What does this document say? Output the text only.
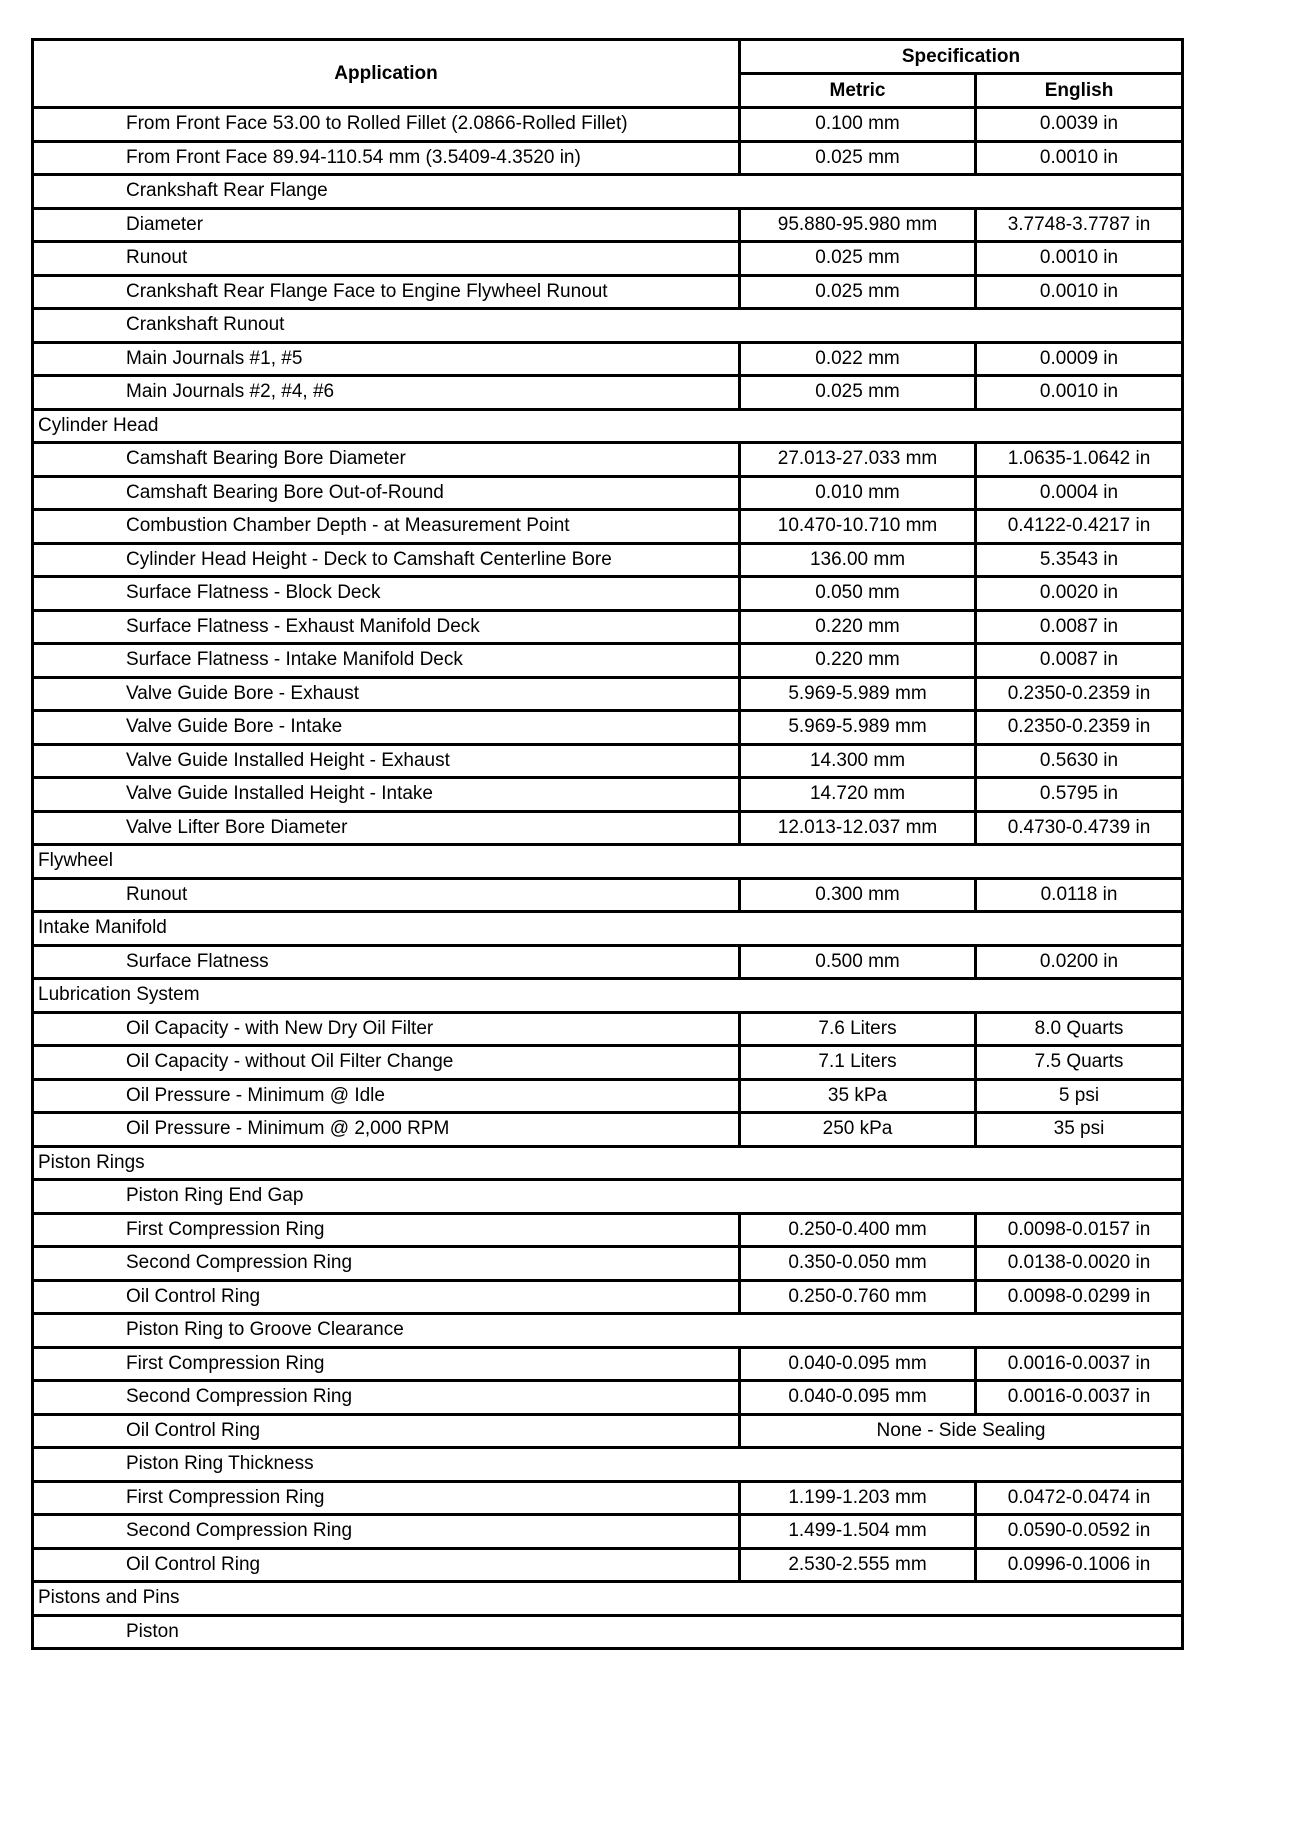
Application	Specification	
	Metric	English
From Front Face 53.00 to Rolled Fillet (2.0866-Rolled Fillet)	0.100 mm	0.0039 in
From Front Face 89.94-110.54 mm (3.5409-4.3520 in)	0.025 mm	0.0010 in
Crankshaft Rear Flange		
Diameter	95.880-95.980 mm	3.7748-3.7787 in
Runout	0.025 mm	0.0010 in
Crankshaft Rear Flange Face to Engine Flywheel Runout	0.025 mm	0.0010 in
Crankshaft Runout		
Main Journals #1, #5	0.022 mm	0.0009 in
Main Journals #2, #4, #6	0.025 mm	0.0010 in
Cylinder Head		
Camshaft Bearing Bore Diameter	27.013-27.033 mm	1.0635-1.0642 in
Camshaft Bearing Bore Out-of-Round	0.010 mm	0.0004 in
Combustion Chamber Depth - at Measurement Point	10.470-10.710 mm	0.4122-0.4217 in
Cylinder Head Height - Deck to Camshaft Centerline Bore	136.00 mm	5.3543 in
Surface Flatness - Block Deck	0.050 mm	0.0020 in
Surface Flatness - Exhaust Manifold Deck	0.220 mm	0.0087 in
Surface Flatness - Intake Manifold Deck	0.220 mm	0.0087 in
Valve Guide Bore - Exhaust	5.969-5.989 mm	0.2350-0.2359 in
Valve Guide Bore - Intake	5.969-5.989 mm	0.2350-0.2359 in
Valve Guide Installed Height - Exhaust	14.300 mm	0.5630 in
Valve Guide Installed Height - Intake	14.720 mm	0.5795 in
Valve Lifter Bore Diameter	12.013-12.037 mm	0.4730-0.4739 in
Flywheel		
Runout	0.300 mm	0.0118 in
Intake Manifold		
Surface Flatness	0.500 mm	0.0200 in
Lubrication System		
Oil Capacity - with New Dry Oil Filter	7.6 Liters	8.0 Quarts
Oil Capacity - without Oil Filter Change	7.1 Liters	7.5 Quarts
Oil Pressure - Minimum @ Idle	35 kPa	5 psi
Oil Pressure - Minimum @ 2,000 RPM	250 kPa	35 psi
Piston Rings		
Piston Ring End Gap		
First Compression Ring	0.250-0.400 mm	0.0098-0.0157 in
Second Compression Ring	0.350-0.050 mm	0.0138-0.0020 in
Oil Control Ring	0.250-0.760 mm	0.0098-0.0299 in
Piston Ring to Groove Clearance		
First Compression Ring	0.040-0.095 mm	0.0016-0.0037 in
Second Compression Ring	0.040-0.095 mm	0.0016-0.0037 in
Oil Control Ring	None - Side Sealing	
Piston Ring Thickness		
First Compression Ring	1.199-1.203 mm	0.0472-0.0474 in
Second Compression Ring	1.499-1.504 mm	0.0590-0.0592 in
Oil Control Ring	2.530-2.555 mm	0.0996-0.1006 in
Pistons and Pins		
Piston		
